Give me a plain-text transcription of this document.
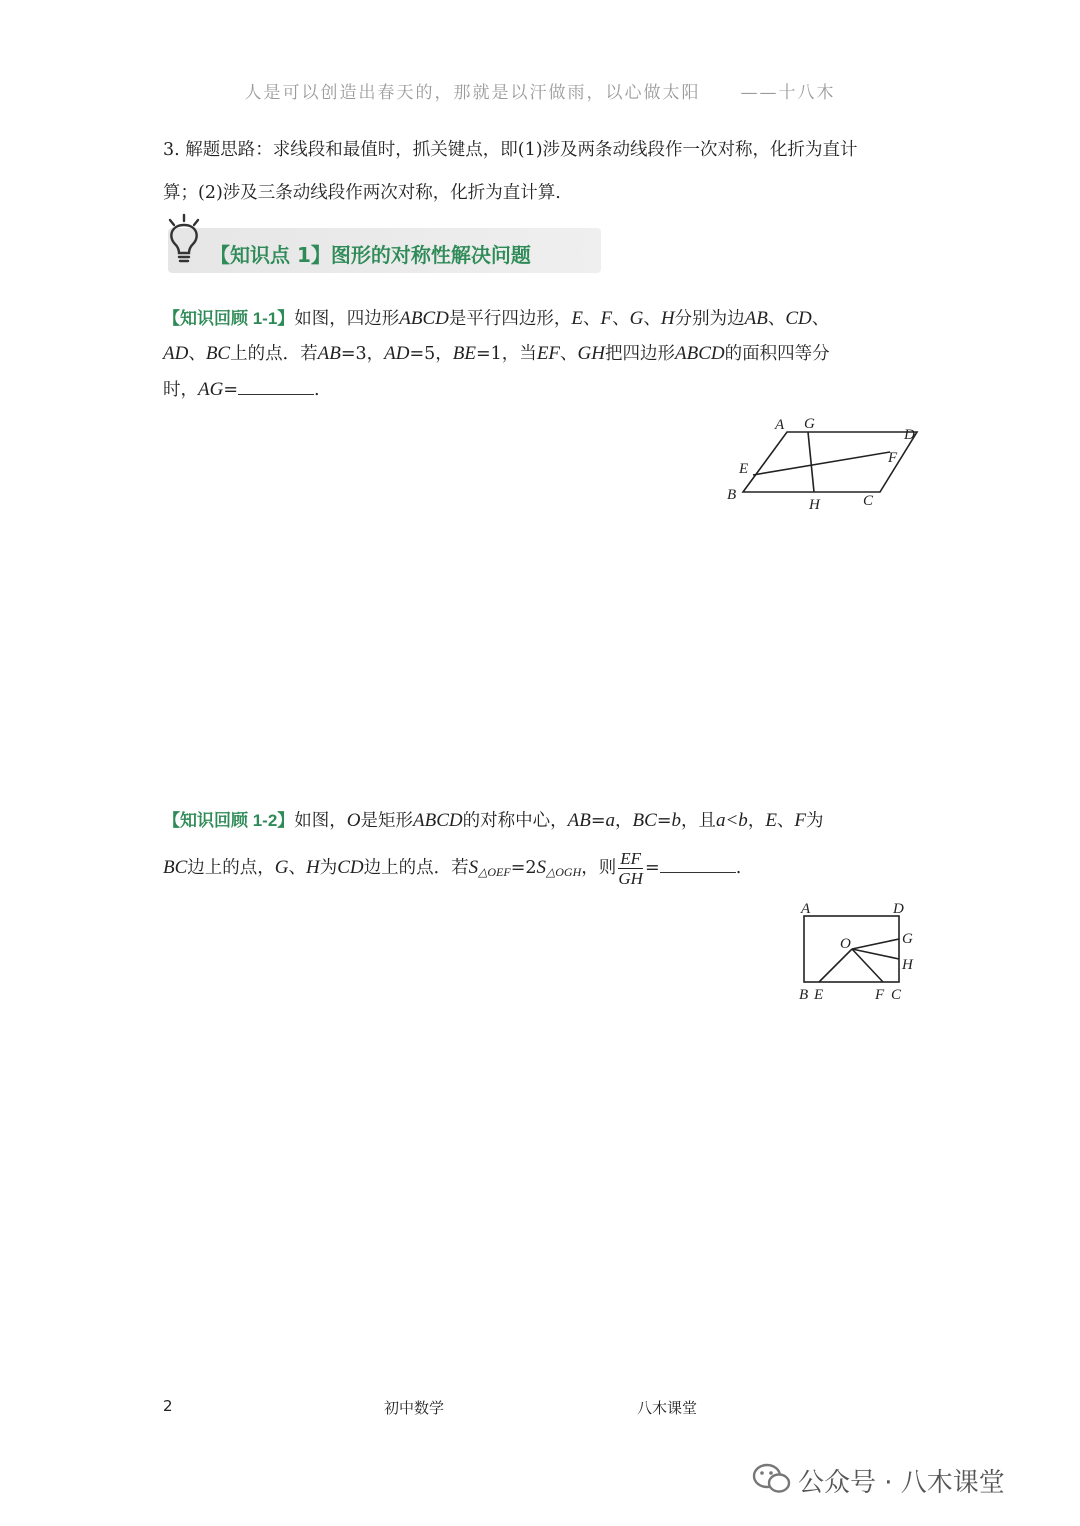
人是可以创造出春天的，那就是以汗做雨，以心做太阳 ——十八木
3. 解题思路：求线段和最值时，抓关键点，即(1)涉及两条动线段作一次对称，化折为直计
算；(2)涉及三条动线段作两次对称，化折为直计算.
【知识点 1】图形的对称性解决问题
【知识回顾 1-1】如图，四边形ABCD是平行四边形，E、F、G、H分别为边AB、CD、
AD、BC上的点．若AB=3，AD=5，BE=1，当EF、GH把四边形ABCD的面积四等分
时，AG=	.
A G
D
E
F
B
H	C
【知识回顾 1-2】如图，O是矩形ABCD的对称中心，AB=a，BC=b，且a<b，E、F为
BC边上的点，G、H为CD边上的点．若$S_{\triangle OEF}=2S_{\triangle OGH}$，则 $\frac{EF}{GH}$ =	.
A	D
O	G
H
B E	F C
2	初中数学	八木课堂
公众号 · 八木课堂
